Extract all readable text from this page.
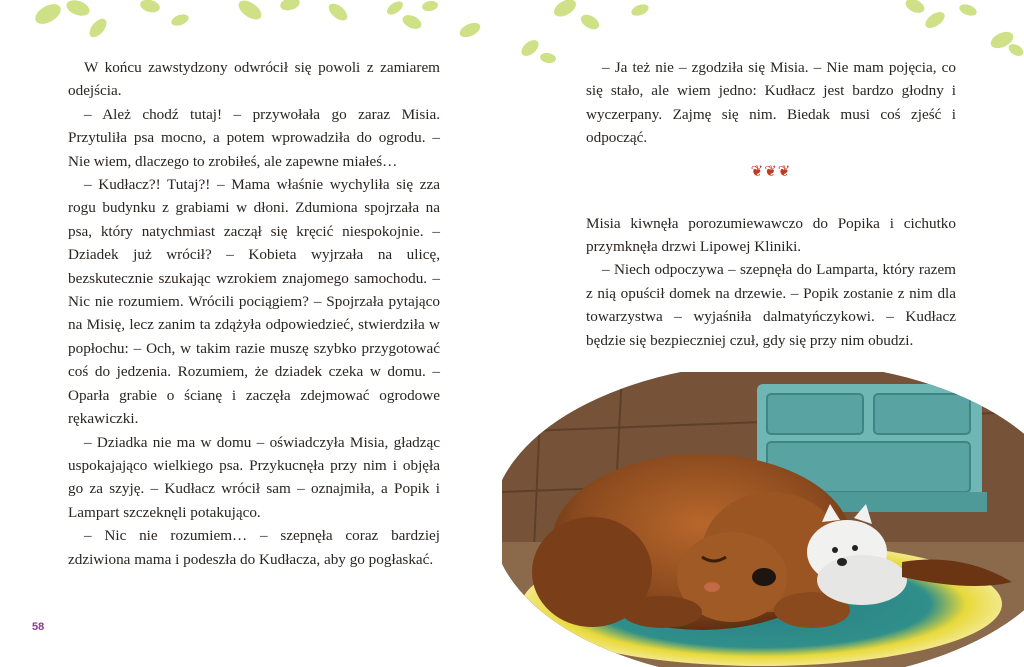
W końcu zawstydzony odwrócił się powoli z zamiarem odejścia.

– Ależ chodź tutaj! – przywołała go zaraz Misia. Przytuliła psa mocno, a potem wprowadziła do ogrodu. – Nie wiem, dlaczego to zrobiłeś, ale zapewne miałeś…

– Kudłacz?! Tutaj?! – Mama właśnie wychyliła się zza rogu budynku z grabiami w dłoni. Zdumiona spojrzała na psa, który natychmiast zaczął się kręcić niespokojnie. – Dziadek już wrócił? – Kobieta wyjrzała na ulicę, bezskutecznie szukając wzrokiem znajomego samochodu. – Nic nie rozumiem. Wrócili pociągiem? – Spojrzała pytająco na Misię, lecz zanim ta zdążyła odpowiedzieć, stwierdziła w popłochu: – Och, w takim razie muszę szybko przygotować coś do jedzenia. Rozumiem, że dziadek czeka w domu. – Oparła grabie o ścianę i zaczęła zdejmować ogrodowe rękawiczki.

– Dziadka nie ma w domu – oświadczyła Misia, gładząc uspokajająco wielkiego psa. Przykucnęła przy nim i objęła go za szyję. – Kudłacz wrócił sam – oznajmiła, a Popik i Lampart szczeknęli potakująco.

– Nic nie rozumiem… – szepnęła coraz bardziej zdziwiona mama i podeszła do Kudłacza, aby go pogłaskać.

58

– Ja też nie – zgodziła się Misia. – Nie mam pojęcia, co się stało, ale wiem jedno: Kudłacz jest bardzo głodny i wyczerpany. Zajmę się nim. Biedak musi coś zjeść i odpocząć.

❦❦❦

Misia kiwnęła porozumiewawczo do Popika i cichutko przymknęła drzwi Lipowej Kliniki.

– Niech odpoczywa – szepnęła do Lamparta, który razem z nią opuścił domek na drzewie. – Popik zostanie z nim dla towarzystwa – wyjaśniła dalmatyńczykowi. – Kudłacz będzie się bezpieczniej czuł, gdy się przy nim obudzi.
